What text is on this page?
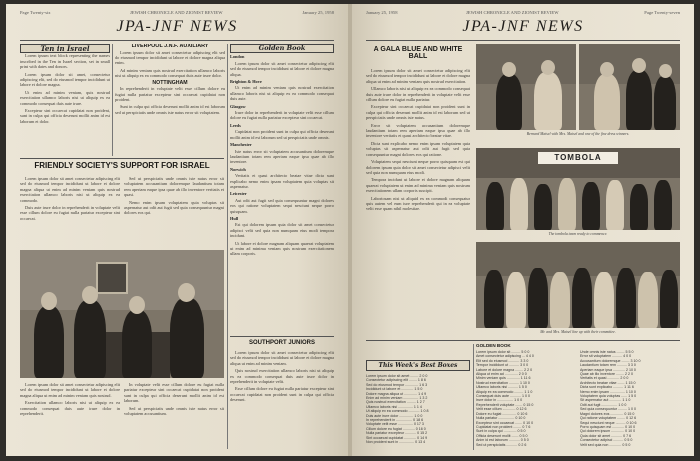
Page Twenty-six	JEWISH CHRONICLE AND ZIONIST REVIEW	January 25, 1958
JPA-JNF NEWS
Ten in Israel

Lorem ipsum text block representing the names inscribed in the Ten in Israel section, set in small print with dates and donors.

Lorem ipsum dolor sit amet, consectetur adipiscing elit, sed do eiusmod tempor incididunt ut labore et dolore magna.

Ut enim ad minim veniam, quis nostrud exercitation ullamco laboris nisi ut aliquip ex ea commodo consequat duis aute irure.

Excepteur sint occaecat cupidatat non proident, sunt in culpa qui officia deserunt mollit anim id est laborum et dolor.

LIVERPOOL J.N.F. AUXILIARY

Lorem ipsum dolor sit amet consectetur adipiscing elit sed do eiusmod tempor incididunt ut labore et dolore magna aliqua enim.

Ad minim veniam quis nostrud exercitation ullamco laboris nisi ut aliquip ex ea commodo consequat duis aute irure dolor.

NOTTINGHAM

In reprehenderit in voluptate velit esse cillum dolore eu fugiat nulla pariatur excepteur sint occaecat cupidatat non proident.

Sunt in culpa qui officia deserunt mollit anim id est laborum sed ut perspiciatis unde omnis iste natus error sit voluptatem.

Golden Book
London

Lorem ipsum dolor sit amet consectetur adipiscing elit sed do eiusmod tempor incididunt ut labore et dolore magna aliqua.

Brighton & Hove

Ut enim ad minim veniam quis nostrud exercitation ullamco laboris nisi ut aliquip ex ea commodo consequat duis aute.

Glasgow

Irure dolor in reprehenderit in voluptate velit esse cillum dolore eu fugiat nulla pariatur excepteur sint occaecat.

Leeds

Cupidatat non proident sunt in culpa qui officia deserunt mollit anim id est laborum sed ut perspiciatis unde omnis.

Manchester

Iste natus error sit voluptatem accusantium doloremque laudantium totam rem aperiam eaque ipsa quae ab illo inventore.

Norwich

Veritatis et quasi architecto beatae vitae dicta sunt explicabo nemo enim ipsam voluptatem quia voluptas sit aspernatur.

Leicester

Aut odit aut fugit sed quia consequuntur magni dolores eos qui ratione voluptatem sequi nesciunt neque porro quisquam.

Hull

Est qui dolorem ipsum quia dolor sit amet consectetur adipisci velit sed quia non numquam eius modi tempora incidunt.

Ut labore et dolore magnam aliquam quaerat voluptatem ut enim ad minima veniam quis nostrum exercitationem ullam corporis.

FRIENDLY SOCIETY'S SUPPORT FOR ISRAEL

Lorem ipsum dolor sit amet consectetur adipiscing elit sed do eiusmod tempor incididunt ut labore et dolore magna aliqua ut enim ad minim veniam quis nostrud exercitation ullamco laboris nisi ut aliquip ex ea commodo.

Duis aute irure dolor in reprehenderit in voluptate velit esse cillum dolore eu fugiat nulla pariatur excepteur sint occaecat.

Sed ut perspiciatis unde omnis iste natus error sit voluptatem accusantium doloremque laudantium totam rem aperiam eaque ipsa quae ab illo inventore veritatis et quasi.

Nemo enim ipsam voluptatem quia voluptas sit aspernatur aut odit aut fugit sed quia consequuntur magni dolores eos qui.

Lorem ipsum dolor sit amet consectetur adipiscing elit sed do eiusmod tempor incididunt ut labore et dolore magna aliqua ut enim ad minim veniam quis nostrud.

Exercitation ullamco laboris nisi ut aliquip ex ea commodo consequat duis aute irure dolor in reprehenderit.

In voluptate velit esse cillum dolore eu fugiat nulla pariatur excepteur sint occaecat cupidatat non proident sunt in culpa qui officia deserunt mollit anim id est laborum.

Sed ut perspiciatis unde omnis iste natus error sit voluptatem accusantium.

SOUTHPORT JUNIORS

Lorem ipsum dolor sit amet consectetur adipiscing elit sed do eiusmod tempor incididunt ut labore et dolore magna aliqua ut enim ad minim veniam.

Quis nostrud exercitation ullamco laboris nisi ut aliquip ex ea commodo consequat duis aute irure dolor in reprehenderit in voluptate velit.

Esse cillum dolore eu fugiat nulla pariatur excepteur sint occaecat cupidatat non proident sunt in culpa qui officia deserunt.

January 25, 1958	JEWISH CHRONICLE AND ZIONIST REVIEW	Page Twenty-seven
JPA-JNF NEWS
A GALA BLUE AND WHITE BALL

Lorem ipsum dolor sit amet consectetur adipiscing elit sed do eiusmod tempor incididunt ut labore et dolore magna aliqua ut enim ad minim veniam quis nostrud exercitation.

Ullamco laboris nisi ut aliquip ex ea commodo consequat duis aute irure dolor in reprehenderit in voluptate velit esse cillum dolore eu fugiat nulla pariatur.

Excepteur sint occaecat cupidatat non proident sunt in culpa qui officia deserunt mollit anim id est laborum sed ut perspiciatis unde omnis iste natus.

Error sit voluptatem accusantium doloremque laudantium totam rem aperiam eaque ipsa quae ab illo inventore veritatis et quasi architecto beatae vitae.

Dicta sunt explicabo nemo enim ipsam voluptatem quia voluptas sit aspernatur aut odit aut fugit sed quia consequuntur magni dolores eos qui ratione.

Voluptatem sequi nesciunt neque porro quisquam est qui dolorem ipsum quia dolor sit amet consectetur adipisci velit sed quia non numquam eius modi.

Tempora incidunt ut labore et dolore magnam aliquam quaerat voluptatem ut enim ad minima veniam quis nostrum exercitationem ullam corporis suscipit.

Laboriosam nisi ut aliquid ex ea commodi consequatur quis autem vel eum iure reprehenderit qui in ea voluptate velit esse quam nihil molestiae.

Bernard Maisel with Mrs. Maisel and one of the fine dress winners.
TOMBOLA
The tombola team ready to commence.
Mr. and Mrs. Maisel line up with their committee.
This Week's Best Boxes
Lorem ipsum dolor sit amet ........ 2 0 0
Consectetur adipiscing elit ........ 1 8 6
Sed do eiusmod tempor ............. 1 6 3
Incididunt ut labore et ............ 1 5 0
Dolore magna aliqua ut ............. 1 4 9
Enim ad minim veniam ............... 1 3 2
Quis nostrud exercitation ......... 1 2 7
Ullamco laboris nisi ............... 1 1 4
Ut aliquip ex ea commodo ........... 1 0 8
Duis aute irure dolor .............. 1 0 0
In reprehenderit in ................ 0 18 6
Voluptate velit esse ............... 0 17 3
Cillum dolore eu fugiat ............ 0 16 0
Nulla pariatur excepteur ........... 0 15 2
Sint occaecat cupidatat ............ 0 14 9
Non proident sunt in ............... 0 13 4
GOLDEN BOOK
Lorem ipsum dolor sit ......... 5 0 0
Amet consectetur adipiscing ... 4 4 0
Elit sed do eiusmod ........... 3 3 0
Tempor incididunt ut .......... 3 0 0
Labore et dolore magna ........ 2 2 0
Aliqua ut enim ad ............. 2 0 0
Minim veniam quis ............. 1 11 6
Nostrud exercitation .......... 1 10 0
Ullamco laboris nisi .......... 1 5 0
Aliquip ex ea commodo ......... 1 1 0
Consequat duis aute ........... 1 0 0
Irure dolor in ................ 1 0 0
Reprehenderit voluptate ....... 0 15 0
Velit esse cillum ............. 0 12 6
Dolore eu fugiat .............. 0 10 6
Nulla pariatur ................ 0 10 0
Excepteur sint occaecat ....... 0 10 0
Cupidatat non proident ........ 0 7 6
Sunt in culpa qui ............. 0 5 0
Officia deserunt mollit ....... 0 5 0
Anim id est laborum ........... 0 5 0
Sed ut perspiciatis ........... 0 2 6
Unde omnis iste natus ........ 5 5 0
Error sit voluptatem .......... 4 0 0
Accusantium doloremque ........ 3 10 0
Laudantium totam rem .......... 3 3 0
Aperiam eaque ipsa ............ 2 10 0
Quae ab illo inventore ........ 2 2 0
Veritatis et quasi ............ 2 0 0
Architecto beatae vitae ....... 1 15 0
Dicta sunt explicabo .......... 1 11 6
Nemo enim ipsam ............... 1 10 0
Voluptatem quia voluptas ...... 1 5 0
Sit aspernatur aut ............ 1 1 0
Odit aut fugit ................ 1 0 0
Sed quia consequuntur ......... 1 0 0
Magni dolores eos ............. 0 15 0
Qui ratione voluptatem ........ 0 12 6
Sequi nesciunt neque .......... 0 10 6
Porro quisquam est ............ 0 10 0
Qui dolorem ipsum ............. 0 10 0
Quia dolor sit amet ........... 0 7 6
Consectetur adipisci .......... 0 5 0
Velit sed quia non ............ 0 5 0
